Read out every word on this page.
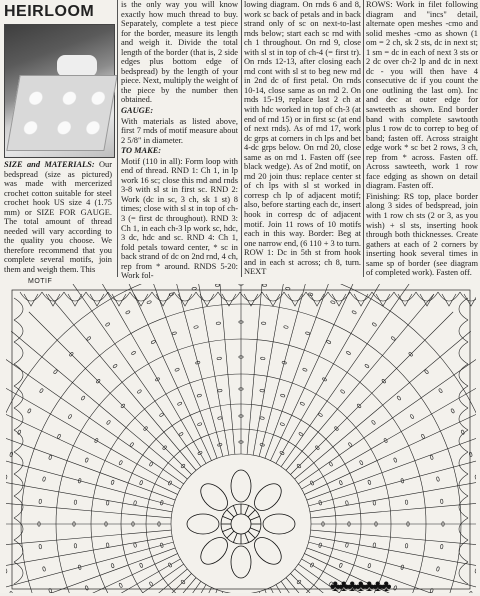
HEIRLOOM

SIZE and MATERIALS: Our bedspread (size as pictured) was made with mercerized crochet cotton suitable for steel crochet hook US size 4 (1.75 mm) or SIZE FOR GAUGE. The total amount of thread needed will vary according to the quality you choose. We therefore recommend that you complete several motifs, join them and weigh them. This

is the only way you will know exactly how much thread to buy. Separately, complete a test piece for the border, measure its length and weigh it. Divide the total length of the border (that is, 2 side edges plus bottom edge of bedspread) by the length of your piece. Next, multiply the weight of the piece by the number then obtained.

GAUGE:

With materials as listed above, first 7 rnds of motif measure about 2 5/8" in diameter.

TO MAKE:

Motif (110 in all): Form loop with end of thread. RND 1: Ch 1, in lp work 16 sc; close this rnd and rnds 3-8 with sl st in first sc. RND 2: Work (dc in sc, 3 ch, sk 1 st) 8 times; close with sl st in top of ch-3 (= first dc throughout). RND 3: Ch 1, in each ch-3 lp work sc, hdc, 3 dc, hdc and sc. RND 4: Ch 1, fold petals toward center, * sc in back strand of dc on 2nd rnd, 4 ch, rep from * around. RNDS 5-20: Work fol-

lowing diagram. On rnds 6 and 8, work sc back of petals and in back strand only of sc on next-to-last rnds below; start each sc rnd with ch 1 throughout. On rnd 9, close with sl st in top of ch-4 (= first tr). On rnds 12-13, after closing each rnd cont with sl st to beg new rnd in 2nd dc of first petal. On rnds 10-14, close same as on rnd 2. On rnds 15-19, replace last 2 ch at with hdc worked in top of ch-3 (at end of rnd 15) or in first sc (at end of next rnds). As of rnd 17, work dc grps at corners in ch lps and bet 4-dc grps below. On rnd 20, close same as on rnd 1. Fasten off (see black wedge). As of 2nd motif, on rnd 20 join thus: replace center st of ch lps with sl st worked in corresp ch lp of adjacent motif; also, before starting each dc, insert hook in corresp dc of adjacent motif. Join 11 rows of 10 motifs each in this way. Border: Beg at one narrow end, (6 110 + 3 to turn. ROW 1: Dc in 5th st from hook and in each st across; ch 8, turn. NEXT

ROWS: Work in filet following diagram and "incs" detail, alternate open meshes -cmo and solid meshes -cmo as shown (1 om = 2 ch, sk 2 sts, dc in next st; 1 sm = dc in each of next 3 sts or 2 dc over ch-2 lp and dc in next dc - you will then have 4 consecutive dc if you count the one outlining the last om). Inc and dec at outer edge for sawteeth as shown. End border band with complete sawtooth plus 1 row dc to correp to beg of band; fasten off. Across straight edge work * sc bet 2 rows, 3 ch, rep from * across. Fasten off. Across sawteeth, work 1 row face edging as shown on detail diagram. Fasten off.

Finishing: RS top, place border along 3 sides of bedspread, join with 1 row ch sts (2 or 3, as you wish) + sl sts, inserting hook through both thicknesses. Create gathers at each of 2 corners by inserting hook several times in same sp of border (see diagram of completed work). Fasten off.

MOTIF
♣♣♣♣♣♣♣
